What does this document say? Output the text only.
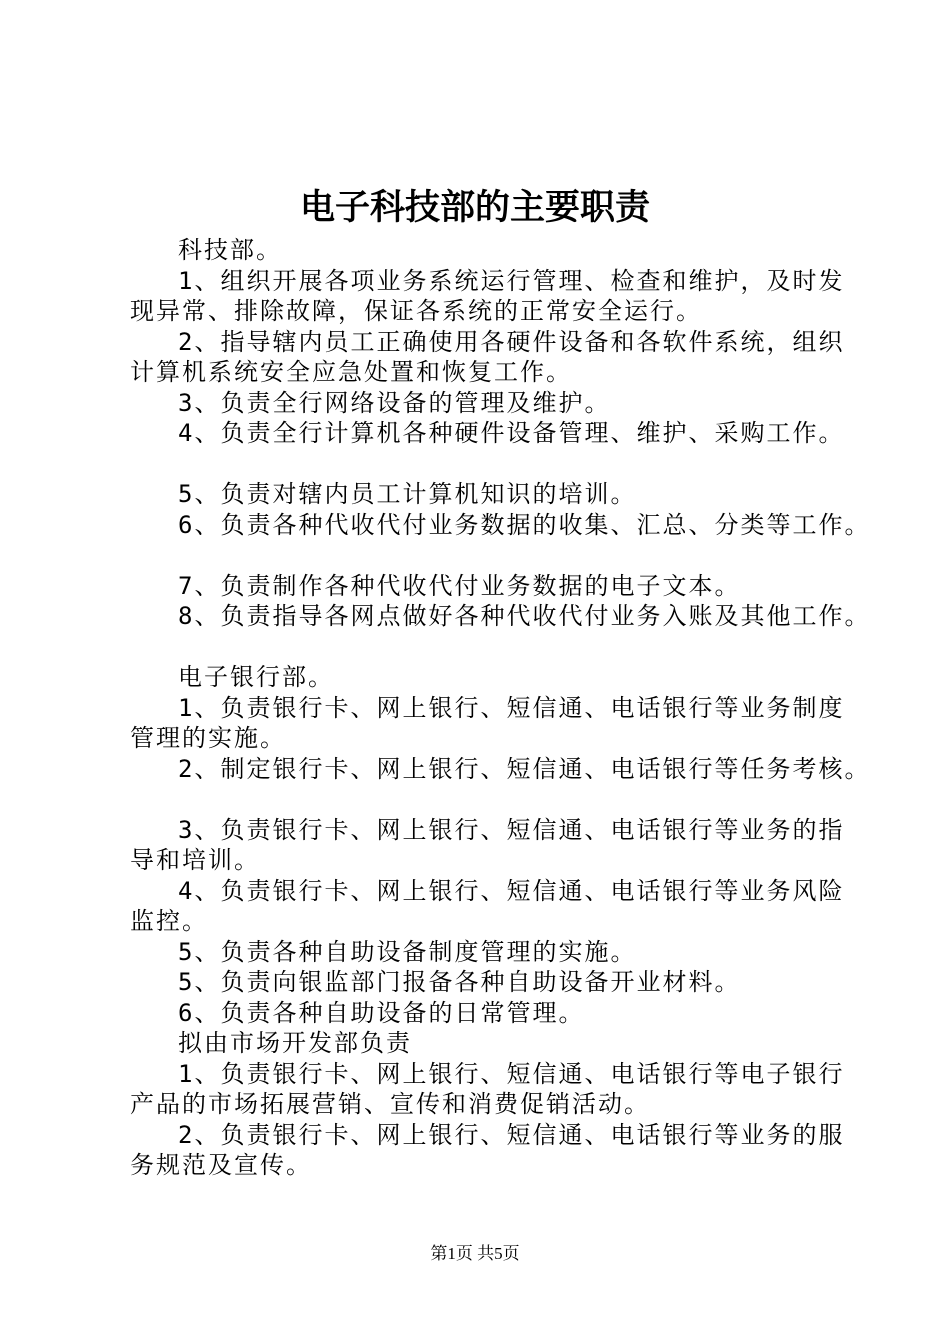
电子科技部的主要职责
科技部。
1、组织开展各项业务系统运行管理、检查和维护，及时发
现异常、排除故障，保证各系统的正常安全运行。
2、指导辖内员工正确使用各硬件设备和各软件系统，组织
计算机系统安全应急处置和恢复工作。
3、负责全行网络设备的管理及维护。
4、负责全行计算机各种硬件设备管理、维护、采购工作。
5、负责对辖内员工计算机知识的培训。
6、负责各种代收代付业务数据的收集、汇总、分类等工作。
7、负责制作各种代收代付业务数据的电子文本。
8、负责指导各网点做好各种代收代付业务入账及其他工作。
电子银行部。
1、负责银行卡、网上银行、短信通、电话银行等业务制度
管理的实施。
2、制定银行卡、网上银行、短信通、电话银行等任务考核。
3、负责银行卡、网上银行、短信通、电话银行等业务的指
导和培训。
4、负责银行卡、网上银行、短信通、电话银行等业务风险
监控。
5、负责各种自助设备制度管理的实施。
5、负责向银监部门报备各种自助设备开业材料。
6、负责各种自助设备的日常管理。
拟由市场开发部负责
1、负责银行卡、网上银行、短信通、电话银行等电子银行
产品的市场拓展营销、宣传和消费促销活动。
2、负责银行卡、网上银行、短信通、电话银行等业务的服
务规范及宣传。
第1页 共5页
